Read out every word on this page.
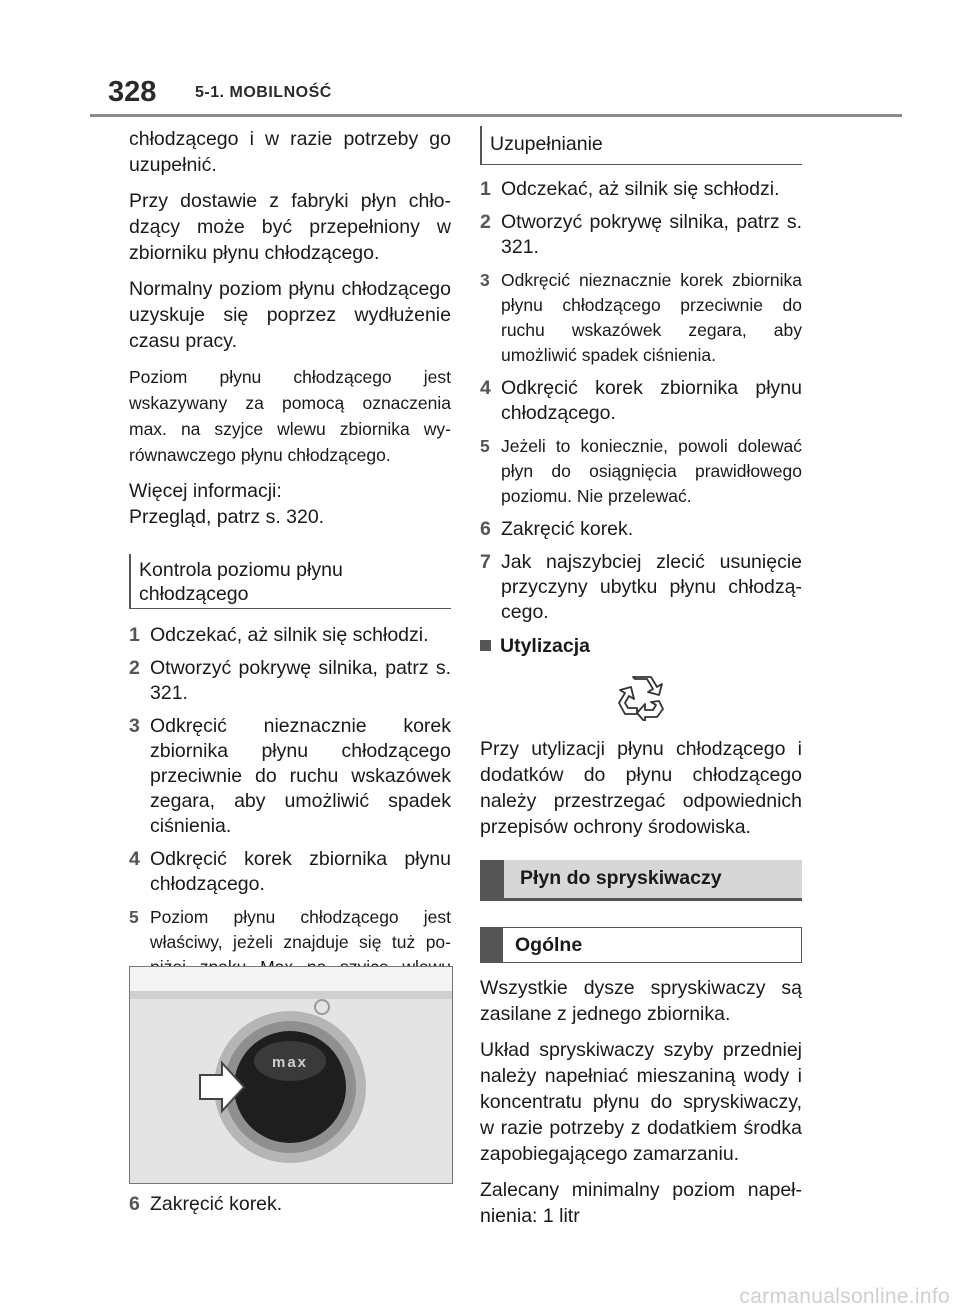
328 5-1. MOBILNOŚĆ

chłodzącego i w razie potrzeby go uzupełnić.

Przy dostawie z fabryki płyn chłodzący może być przepełniony w zbiorniku płynu chłodzącego.

Normalny poziom płynu chłodzącego uzyskuje się poprzez wydłużenie czasu pracy.

Poziom płynu chłodzącego jest wskazywany za pomocą oznaczenia max. na szyjce wlewu zbiornika wyrównawczego płynu chłodzącego.

Więcej informacji:

Przegląd, patrz s. 320.

Kontrola poziomu płynu chłodzącego
1 Odczekać, aż silnik się schłodzi.
2 Otworzyć pokrywę silnika, patrz s. 321.
3 Odkręcić nieznacznie korek zbiornika płynu chłodzącego przeciwnie do ruchu wskazówek zegara, aby umożliwić spadek ciśnienia.
4 Odkręcić korek zbiornika płynu chłodzącego.
5 Poziom płynu chłodzącego jest właściwy, jeżeli znajduje się tuż po
max
6 Zakręcić korek.
Uzupełnianie
1 Odczekać, aż silnik się schłodzi.
2 Otworzyć pokrywę silnika, patrz s. 321.
3 Odkręcić nieznacznie korek zbiornika płynu chłodzącego przeciwnie do ruchu wskazówek zegara, aby umożliwić spadek ciśnienia.
4 Odkręcić korek zbiornika płynu chłodzącego.
5 Jeżeli to koniecznie, powoli dolewać płyn do osiągnięcia prawidłowego poziomu. Nie przelewać.
6 Zakręcić korek.
7 Jak najszybciej zlecić usunięcie przyczyny ubytku płynu chłodzącego.
Utylizacja

Przy utylizacji płynu chłodzącego i dodatków do płynu chłodzącego należy przestrzegać odpowiednich przepisów ochrony środowiska.

Płyn do spryskiwaczy
Ogólne

Wszystkie dysze spryskiwaczy są zasilane z jednego zbiornika.

Układ spryskiwaczy szyby przedniej należy napełniać mieszaniną wody i koncentratu płynu do spryskiwaczy, w razie potrzeby z dodatkiem środka zapobiegającego zamarzaniu.

Zalecany minimalny poziom napełnienia: 1 litr

carmanualsonline.info
